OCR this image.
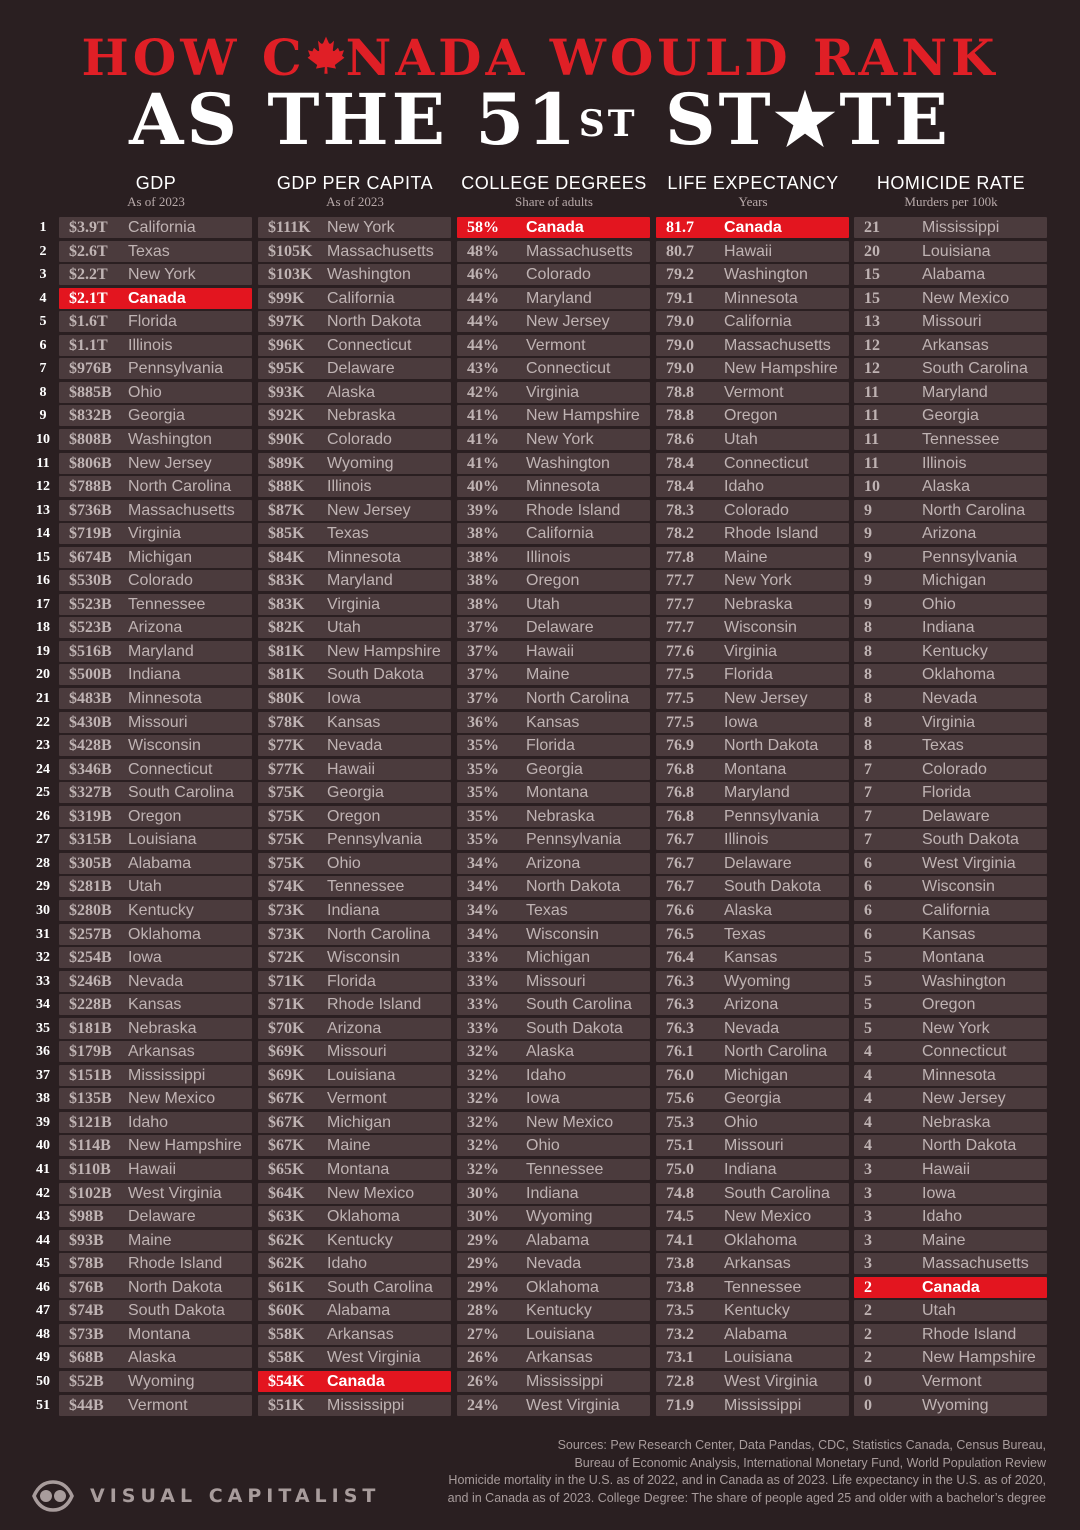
HOW C NADA WOULD RANK
AS THE 51ST ST★TE
GDP
As of 2023
GDP PER CAPITA
As of 2023
COLLEGE DEGREES
Share of adults
LIFE EXPECTANCY
Years
HOMICIDE RATE
Murders per 100k
1	$3.9T California	$111K New York	58% Canada	81.7 Canada	21	Mississippi
2	$2.6T Texas	$105K Massachusetts 48% Massachusetts 80.7 Hawaii	20	Louisiana
3	$2.2T New York	$103K Washington	46% Colorado	79.2 Washington	15	Alabama
4	$2.1T Canada	$99K California	44% Maryland	79.1 Minnesota	15	New Mexico
5	$1.6T Florida	$97K North Dakota	44% New Jersey	79.0 California	13	Missouri
6	$1.1T Illinois	$96K Connecticut	44% Vermont	79.0 Massachusetts 12	Arkansas
7	$976B Pennsylvania	$95K Delaware	43% Connecticut	79.0 New Hampshire 12	South Carolina
8	$885B Ohio	$93K Alaska	42% Virginia	78.8 Vermont	11	Maryland
9	$832B Georgia	$92K Nebraska	41% New Hampshire 78.8 Oregon	11	Georgia
10	$808B Washington	$90K Colorado	41% New York	78.6 Utah	11	Tennessee
11	$806B New Jersey	$89K Wyoming	41% Washington	78.4 Connecticut	11	Illinois
12	$788B North Carolina $88K Illinois	40% Minnesota	78.4 Idaho	10	Alaska
13	$736B Massachusetts $87K New Jersey	39% Rhode Island	78.3 Colorado	9	North Carolina
14	$719B Virginia	$85K Texas	38% California	78.2 Rhode Island	9	Arizona
15	$674B Michigan	$84K Minnesota	38% Illinois	77.8 Maine	9	Pennsylvania
16	$530B Colorado	$83K Maryland	38% Oregon	77.7 New York	9	Michigan
17	$523B Tennessee	$83K Virginia	38% Utah	77.7 Nebraska	9	Ohio
18	$523B Arizona	$82K Utah	37% Delaware	77.7 Wisconsin	8	Indiana
19	$516B Maryland	$81K New Hampshire 37% Hawaii	77.6 Virginia	8	Kentucky
20	$500B Indiana	$81K South Dakota	37% Maine	77.5 Florida	8	Oklahoma
21	$483B Minnesota	$80K Iowa	37% North Carolina 77.5 New Jersey	8	Nevada
22	$430B Missouri	$78K Kansas	36% Kansas	77.5 Iowa	8	Virginia
23	$428B Wisconsin	$77K Nevada	35% Florida	76.9 North Dakota	8	Texas
24	$346B Connecticut	$77K Hawaii	35% Georgia	76.8 Montana	7	Colorado
25	$327B South Carolina $75K Georgia	35% Montana	76.8 Maryland	7	Florida
26	$319B Oregon	$75K Oregon	35% Nebraska	76.8 Pennsylvania	7	Delaware
27	$315B Louisiana	$75K Pennsylvania	35% Pennsylvania	76.7 Illinois	7	South Dakota
28	$305B Alabama	$75K Ohio	34% Arizona	76.7 Delaware	6	West Virginia
29	$281B Utah	$74K Tennessee	34% North Dakota	76.7 South Dakota	6	Wisconsin
30	$280B Kentucky	$73K Indiana	34% Texas	76.6 Alaska	6	California
31	$257B Oklahoma	$73K North Carolina 34% Wisconsin	76.5 Texas	6	Kansas
32	$254B Iowa	$72K Wisconsin	33% Michigan	76.4 Kansas	5	Montana
33	$246B Nevada	$71K Florida	33% Missouri	76.3 Wyoming	5	Washington
34	$228B Kansas	$71K Rhode Island	33% South Carolina 76.3 Arizona	5	Oregon
35	$181B Nebraska	$70K Arizona	33% South Dakota	76.3 Nevada	5	New York
36	$179B Arkansas	$69K Missouri	32% Alaska	76.1 North Carolina 4	Connecticut
37	$151B Mississippi	$69K Louisiana	32% Idaho	76.0 Michigan	4	Minnesota
38	$135B New Mexico	$67K Vermont	32% Iowa	75.6 Georgia	4	New Jersey
39	$121B Idaho	$67K Michigan	32% New Mexico	75.3 Ohio	4	Nebraska
40	$114B New Hampshire $67K Maine	32% Ohio	75.1 Missouri	4	North Dakota
41	$110B Hawaii	$65K Montana	32% Tennessee	75.0 Indiana	3	Hawaii
42	$102B West Virginia	$64K New Mexico	30% Indiana	74.8 South Carolina 3	Iowa
43	$98B Delaware	$63K Oklahoma	30% Wyoming	74.5 New Mexico	3	Idaho
44	$93B Maine	$62K Kentucky	29% Alabama	74.1 Oklahoma	3	Maine
45	$78B Rhode Island	$62K Idaho	29% Nevada	73.8 Arkansas	3	Massachusetts
46	$76B North Dakota	$61K South Carolina 29% Oklahoma	73.8 Tennessee	2	Canada
47	$74B South Dakota	$60K Alabama	28% Kentucky	73.5 Kentucky	2	Utah
48	$73B Montana	$58K Arkansas	27% Louisiana	73.2 Alabama	2	Rhode Island
49	$68B Alaska	$58K West Virginia	26% Arkansas	73.1 Louisiana	2	New Hampshire
50	$52B Wyoming	$54K Canada	26% Mississippi	72.8 West Virginia	0	Vermont
51	$44B Vermont	$51K Mississippi	24% West Virginia	71.9 Mississippi	0	Wyoming
VISUAL CAPITALIST
Sources: Pew Research Center, Data Pandas, CDC, Statistics Canada, Census Bureau,
Bureau of Economic Analysis, International Monetary Fund, World Population Review
Homicide mortality in the U.S. as of 2022, and in Canada as of 2023. Life expectancy in the U.S. as of 2020,
and in Canada as of 2023. College Degree: The share of people aged 25 and older with a bachelor’s degree
